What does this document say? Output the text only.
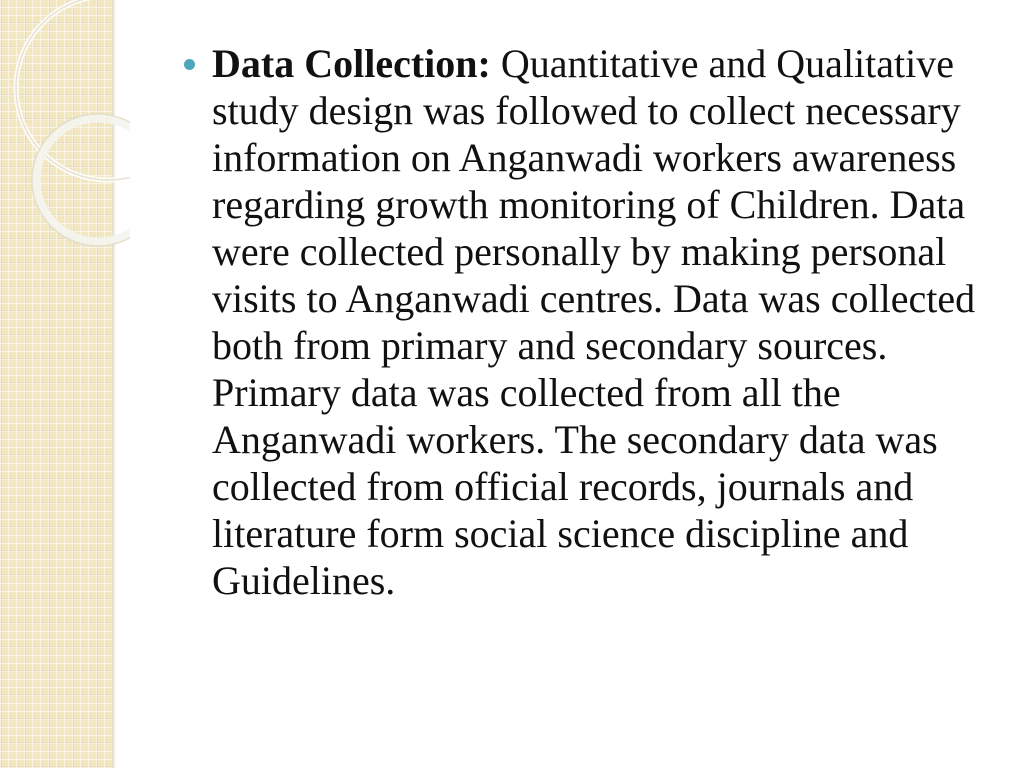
Data Collection: Quantitative and Qualitative study design was followed to collect necessary information on Anganwadi workers awareness regarding growth monitoring of Children. Data were collected personally by making personal visits to Anganwadi centres. Data was collected both from primary and secondary sources. Primary data was collected from all the Anganwadi workers. The secondary data was collected from official records, journals and literature form social science discipline and Guidelines.
